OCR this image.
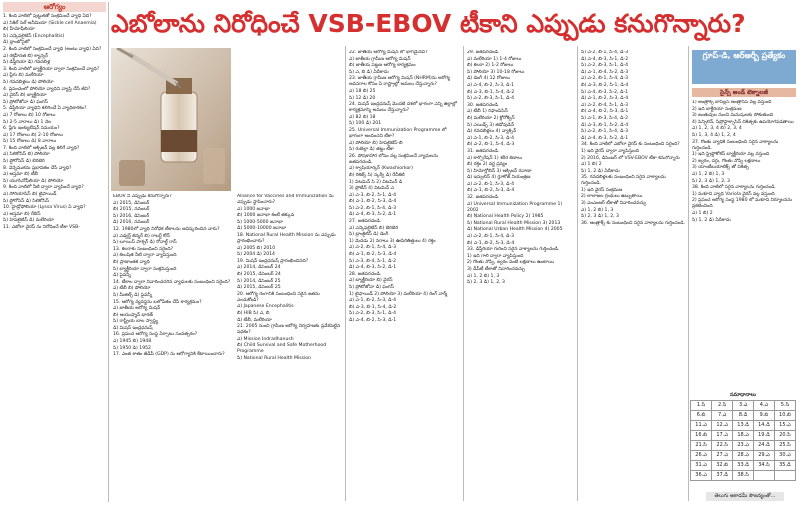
ఆరోగ్యం

1. కింది వాటిలో పుట్టుకతో సంక్రమించే వ్యాధి ఏది?

ఎ) సికిల్ సెల్ అనీమియా (Sickle cell Anaemia)

బి) హీమోఫీలియా

సి) ఎన్కెఫలైటిస్ (Encephalitis)

డి) థ్రాంబోసైటో

2. కింది వాటిలో సంక్రమించే వ్యాధి (అంటు వ్యాధి) ఏది?

ఎ) రక్తహీనత బి) క్యాన్సర్

సి) డిఫ్తీరియా డి) గవదబిళ్ల

3. కింది వాటిలో బ్యాక్టీరియా ద్వారా సంక్రమించే వ్యాధి?

ఎ) ప్లేగు బి) మలేరియా

సి) గవదబిళ్లలు డి) పోలియో

4. ప్రపంచంలో పోలియో వ్యాధిని వ్యాప్తి చేసే జీవి?

ఎ) వైరస్ బి) బ్యాక్టీరియా

సి) ప్రోటోజోవా డి) ఫంగస్

5. డిఫ్తీరియా వ్యాధిని కలిగించే ఏ వ్యాధికారకం?

ఎ) 7 రోజులు బి) 10 రోజులు

సి) 2-5 వారాలు డి) 1 నెల

6. ప్లేగు ఇంక్యుబేషన్ సమయం?

ఎ) 17 రోజులు బి) 2-10 రోజులు

సి) 15 రోజులు డి) 8 వారాలు

7. కింది వాటిలో ఆక్సిజన్ వల్ల కలిగే వ్యాధి?

ఎ) సిలికోసిస్ బి) పోలియో

సి) ఫ్లోరోసిస్ డి) బెరిబెరి

8. వెన్నెముకను ప్రభావితం చేసే వ్యాధి?

ఎ) ఆస్తమా బి) టీబీ

సి) యూసినోఫీలియా డి) పోలియో

9. కింది వాటిలో నీటి ద్వారా వ్యాపించే వ్యాధి?

ఎ) సోరియాసిస్ బి) టైఫాయిడ్

సి) ఫ్లోరోసిస్ డి) సిలికోసిస్

10. హైడ్రోఫోబియా (Lyssa Virus) ఏ వ్యాధి?

ఎ) ఆస్తమా బి) రేబిస్

సి) హెపటైటిస్ డి) మలేరియా

11. ఎబోలా వైరస్ ను నిరోధించే టీకా VSB-

ఎబోలాను నిరోధించే VSB-EBOV టీకాని ఎప్పుడు కనుగొన్నారు?

EBOV ని ఎప్పుడు కనుగొన్నారు?

ఎ) 2015, డిసెంబర్

బి) 2015, నవంబర్

సి) 2016, డిసెంబర్

డి) 2016, నవంబర్

12. 1980లో వ్యాధి నిరోధక టీకాలను ఆవిష్కరించిన వారు?

ఎ) ఎడ్వర్డ్ జెన్నర్ బి) రాబర్ట్ కోచ్

సి) లూయిస్ పాశ్చర్ డి) రోనాల్డ్ రాస్

13. కలరాకు సంబంధించి సరైంది?

ఎ) కలుషిత నీటి ద్వారా వ్యాపిస్తుంది

బి) ప్రాణాంతక వ్యాధి

సి) బ్యాక్టీరియా ద్వారా సంక్రమిస్తుంది

డి) పైవన్నీ

14. టీకాల ద్వారా నివారించదగిన వ్యాధులకు సంబంధించి సరైంది?

ఎ) టీబీ బి) పోలియో

సి) మీజిల్స్ డి) పైవన్నీ

15. ఆరోగ్య వ్యవస్థను బలోపేతం చేసే కార్యక్రమం?

ఎ) జాతీయ ఆరోగ్య మిషన్

బి) ఆయుష్మాన్ భారత్

సి) రాష్ట్రీయ బాల స్వాస్థ్య

డి) మిషన్ ఇంద్రధనుష్

16. ప్రపంచ ఆరోగ్య సంస్థ ఏర్పాటు సంవత్సరం?

ఎ) 1945 బి) 1948

సి) 1950 డి) 1952

17. ఎంత శాతం జీడీపీ (GDP) ను ఆరోగ్యానికి కేటాయించారు?

Alliance for Vaccines and Immunization ను ఎప్పుడు స్థాపించారు?

ఎ) 1000 జనాభా

బి) 1000 జనాభా కంటే తక్కువ

సి) 1000-5000 జనాభా

డి) 5000-10000 జనాభా

18. National Rural Health Mission ను ఎప్పుడు ప్రారంభించారు?

ఎ) 2005 బి) 2010

సి) 2004 డి) 2014

19. మిషన్ ఇంద్రధనుష్ ప్రారంభించినది?

ఎ) 2014, డిసెంబర్ 24

బి) 2015, డిసెంబర్ 24

సి) 2014, డిసెంబర్ 25

డి) 2015, డిసెంబర్ 25

20. ఆరోగ్య రంగానికి సంబంధించి సరైన జతను ఎంచుకోండి?

ఎ) Japanese Encephalitis

బి) HIB సి) ఎ, బి

డి) టీబీ, మలేరియా

21. 2005 నుంచి గ్రామీణ ఆరోగ్య నిర్వహణకు ప్రవేశపెట్టిన పథకం?

ఎ) Mission Indradhanush

బి) Child Survival and Safe Motherhood Programme

సి) National Rural Health Mission

22. జాతీయ ఆరోగ్య మిషన్ లో భాగమైనవి?

ఎ) జాతీయ గ్రామీణ ఆరోగ్య మిషన్

బి) జాతీయ పట్టణ ఆరోగ్య కార్యక్రమం

సి) ఎ, బి డి) ఏదీకాదు

23. జాతీయ గ్రామీణ ఆరోగ్య మిషన్ (NHRM)ను ఆరోగ్య అవసరాల కోసం ఏ రాష్ట్రాల్లో అమలు చేస్తున్నారు?

ఎ) 18 బి) 25

సి) 12 డి) 20

24. మిషన్ ఇంద్రధనుష్ మొదటి దశలో భాగంగా ఎన్ని జిల్లాల్లో కార్యక్రమాన్ని అమలు చేస్తున్నారు?

ఎ) 82 బి) 18

సి) 100 డి) 201

25. Universal Immunization Programme లో భాగంగా అందించని టీకా?

ఎ) పోలియో బి) హెపటైటిస్-బి

సి) రుబెల్లా డి) తట్టు టీకా

26. పోషకాహార లోపం వల్ల సంక్రమించే వ్యాధులను జతపరచండి.

ఎ) క్వాషియార్కర్ (Kwashiorkor)

బి) రికెట్స్ సి) స్కర్వీ డి) రేచీకటి

1) విటమిన్ సి 2) విటమిన్ డి

3) ప్రోటీన్ 4) విటమిన్ ఎ

ఎ) ఎ-3, బి-2, సి-1, డి-4

బి) ఎ-1, బి-2, సి-3, డి-4

సి) ఎ-2, బి-1, సి-4, డి-3

డి) ఎ-4, బి-3, సి-2, డి-1

27. జతపరచండి.

ఎ) ఎన్కెఫలైటిస్ బి) బెరిబెరి

సి) బ్రాంకైటిస్ డి) డెంగీ

1) మెదడు 2) నరాలు 3) ఊపిరితిత్తులు 4) రక్తం

ఎ) ఎ-2, బి-1, సి-4, డి-3

బి) ఎ-1, బి-2, సి-3, డి-4

సి) ఎ-3, బి-4, సి-1, డి-2

డి) ఎ-4, బి-3, సి-2, డి-1

28. జతపరచండి.

ఎ) బ్యాక్టీరియా బి) వైరస్

సి) ప్రోటోజోవా డి) ఫంగస్

1) టైఫాయిడ్ 2) పోలియో 3) మలేరియా 4) రింగ్ వార్మ్

ఎ) ఎ-1, బి-2, సి-3, డి-4

బి) ఎ-3, బి-1, సి-4, డి-2

సి) ఎ-2, బి-3, సి-1, డి-4

డి) ఎ-4, బి-2, సి-3, డి-1

29. జతపరచండి.

ఎ) మలేరియా 1) 1-4 రోజులు

బి) కలరా 2) 1-2 రోజులు

సి) పోలియో 3) 10-18 రోజులు

డి) డెంగీ 4) 12 రోజులు

ఎ) ఎ-4, బి-2, సి-3, డి-1

బి) ఎ-3, బి-1, సి-4, డి-2

సి) ఎ-2, బి-3, సి-1, డి-4

30. జతపరచండి.

ఎ) టీబీ 1) రిఫాంపిసిన్

బి) మలేరియా 2) క్లోరోక్విన్

సి) ఎయిడ్స్ 3) జిడోవుడిన్

డి) గవదబిళ్లలు 4) వ్యాక్సిన్

ఎ) ఎ-1, బి-2, సి-3, డి-4

బి) ఎ-2, బి-1, సి-4, డి-3

31. జతపరచండి.

ఎ) కార్పొరేషన్ 1) శరీర కణాలు

బి) రక్తం 2) వర్ణ ద్రవ్యం

సి) హిమోగ్లోబిన్ 3) ఆక్సిజన్ రవాణా

డి) ఇన్సులిన్ 4) గ్లూకోజ్ నియంత్రణ

ఎ) ఎ-2, బి-1, సి-3, డి-4

బి) ఎ-1, బి-2, సి-3, డి-4

32. జతపరచండి.

ఎ) Universal Immunization Programme 1) 2002

బి) National Health Policy 2) 1985

సి) National Rural Health Mission 3) 2013

డి) National Urban Health Mission 4) 2005

ఎ) ఎ-2, బి-1, సి-4, డి-3

బి) ఎ-1, బి-2, సి-3, డి-4

33. డిప్తీరియా గురించి సరైన వాక్యాలను గుర్తించండి.

1) ఇది గాలి ద్వారా వ్యాపిస్తుంది

2) గొంతు నొప్పి, జ్వరం వంటి లక్షణాలు ఉంటాయి

3) డీపీటీ టీకాతో నివారించవచ్చు

ఎ) 1, 2 బి) 1, 3

సి) 2, 3 డి) 1, 2, 3

సి) ఎ-2, బి-1, సి-4, డి-3

డి) ఎ-4, బి-3, సి-1, డి-2

సి) ఎ-2, బి-3, సి-1, డి-4

డి) ఎ-1, బి-4, సి-2, డి-3

ఎ) ఎ-2, బి-1, సి-4, డి-3

బి) ఎ-3, బి-2, సి-1, డి-4

సి) ఎ-4, బి-3, సి-2, డి-1

డి) ఎ-1, బి-2, సి-3, డి-4

ఎ) ఎ-2, బి-4, సి-1, డి-3

బి) ఎ-4, బి-2, సి-3, డి-1

సి) ఎ-1, బి-3, సి-4, డి-2

డి) ఎ-3, బి-1, సి-2, డి-4

సి) ఎ-2, బి-1, సి-4, డి-3

డి) ఎ-4, బి-3, సి-2, డి-1

34. కింది వాటిలో ఎబోలా వైరస్ కు సంబంధించి సరైంది?

1) ఇది వైరస్ ద్వారా వ్యాపిస్తుంది

2) 2016, డిసెంబర్ లో VSV-EBOV టీకా కనుగొన్నారు

ఎ) 1 బి) 2

సి) 1, 2 డి) ఏదీకాదు

35. గవదబిళ్లలకు సంబంధించి సరైన వాక్యాలను గుర్తించండి.

1) ఇది వైరస్ సంక్రమణ

2) లాలాజల గ్రంథులు ఉబ్బుతాయి

3) ఎంఎంఆర్ టీకాతో నివారించవచ్చు

ఎ) 1, 2 బి) 1, 3

సి) 2, 3 డి) 1, 2, 3

36. ఆంత్రాక్స్ కు సంబంధించి సరైన వాక్యాలను గుర్తించండి.

గ్రూప్-డి, ఆర్ఆర్బీ ప్రత్యేకం
సైన్స్ అండ్ టెక్నాలజీ

1) ఆంత్రాక్స్ బాసిల్లస్ ఆంత్రాసిస్ వల్ల వస్తుంది

2) ఇది బాక్టీరియా సంక్రమణ

3) జంతువుల నుంచి మనుషులకు సోకుతుంది

4) పెన్సిలిన్, సిప్రోఫ్లాక్సాసిన్ చికిత్సకు ఉపయోగపడతాయి

ఎ) 1, 2, 3, 4 బి) 2, 3, 4

సి) 1, 3, 4 డి) 1, 2, 4

37. గొంతు వ్యాధికి సంబంధించి సరైన వాక్యాలను గుర్తించండి.

1) ఇది స్ట్రెప్టోకోకస్ బ్యాక్టీరియా వల్ల వస్తుంది

2) జ్వరం, దగ్గు, గొంతు నొప్పి లక్షణాలు

3) యాంటీబయాటిక్స్ తో చికిత్స

ఎ) 1, 2 బి) 1, 3

సి) 2, 3 డి) 1, 2, 3

38. కింది వాటిలో సరైన వాక్యాలను గుర్తించండి.

1) మశూచి వ్యాధి Variola వైరస్ వల్ల వస్తుంది

2) ప్రపంచ ఆరోగ్య సంస్థ 1980 లో మశూచి నిర్మూలనను ప్రకటించింది

ఎ) 1 బి) 2

సి) 1, 2 డి) ఏదీకాదు

సమాధానాలు
1.సి	2.సి	3.ఎ	4.ఎ	5.సి
6.బి	7.ఎ	8.డి	9.బి	10.బి
11.ఎ	12.ఎ	13.డి	14.డి	15.ఎ
16.బి	17.ఎ	18.ఎ	19.డి	20.సి
21.సి	22.సి	23.ఎ	24.డి	25.సి
26.ఎ	27.ఎ	28.ఎ	29.ఎ	30.ఎ
31.ఎ	32.బి	33.డి	34.సి	35.డి
36.ఎ	37.డి	38.సి		
తెలుగు అకాడమీ సౌజన్యంతో...
